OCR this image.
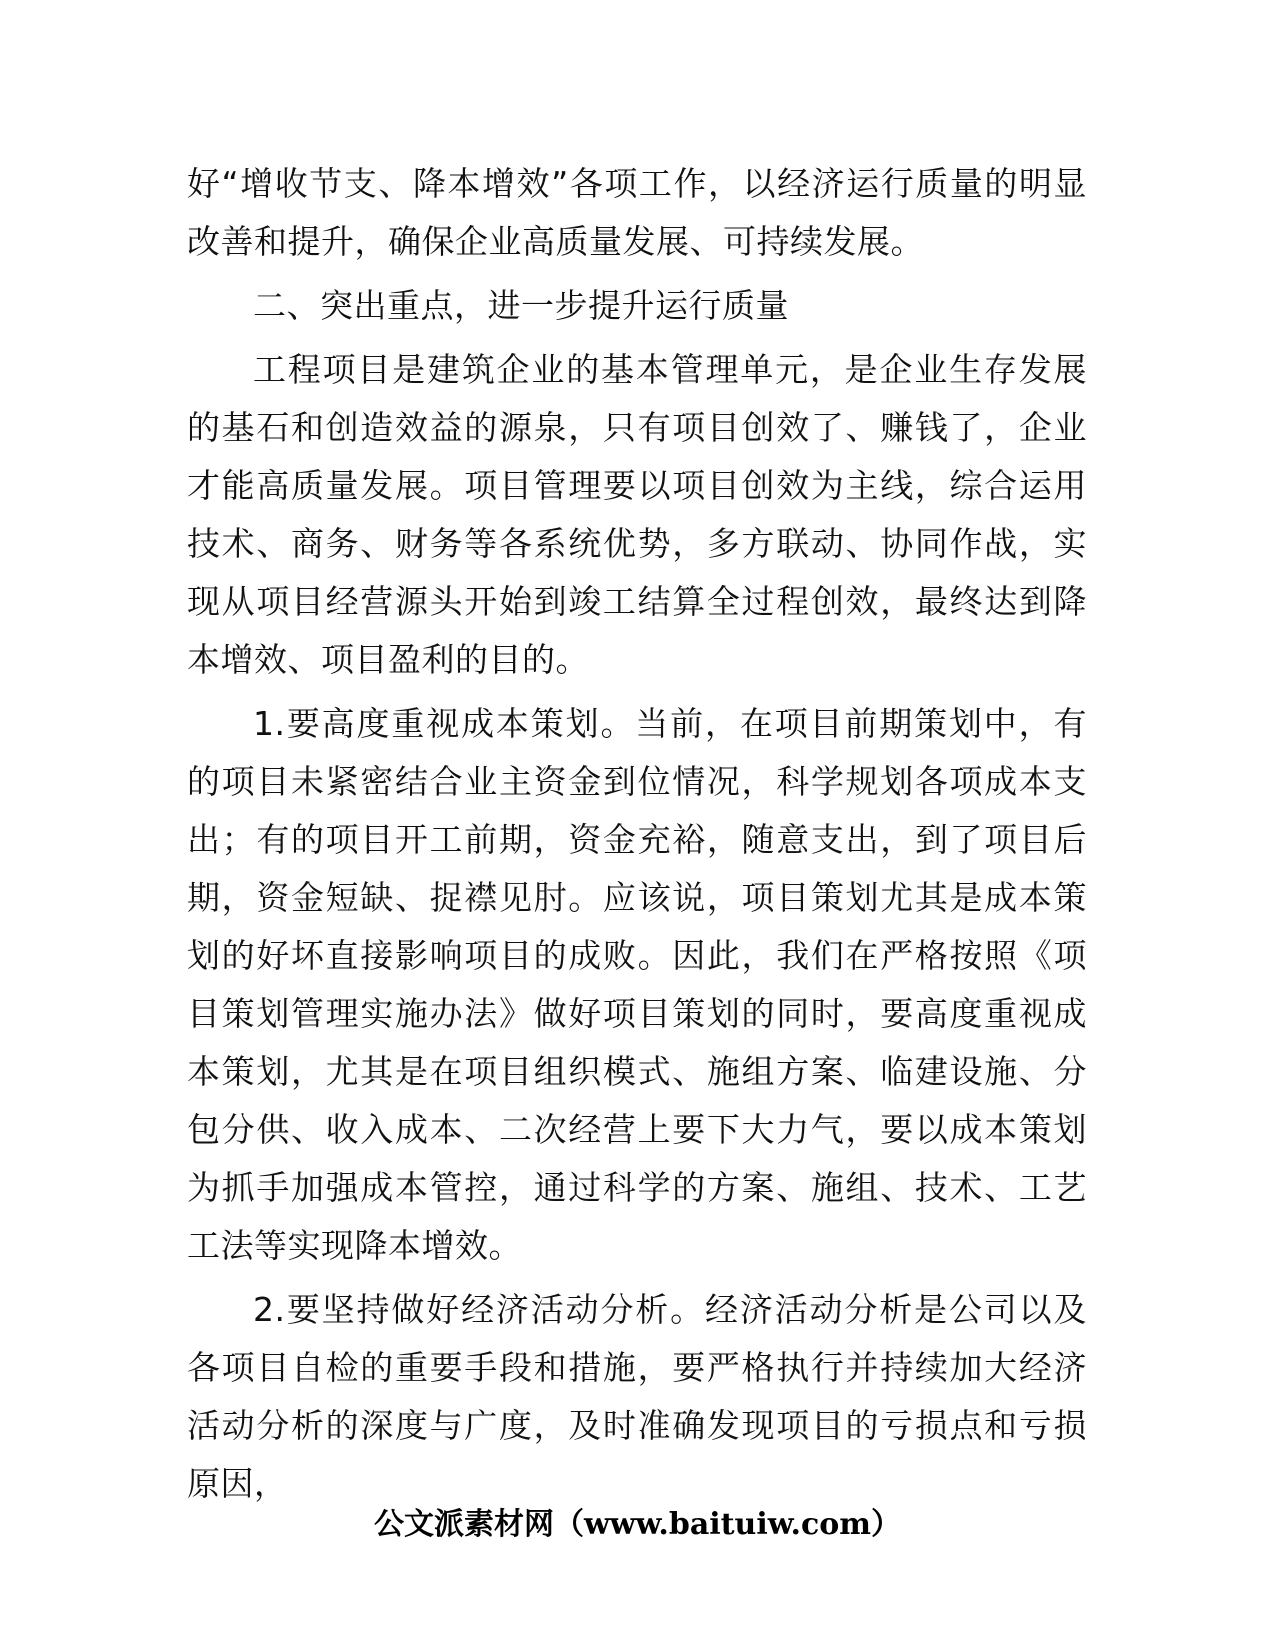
好“增收节支、降本增效”各项工作，以经济运行质量的明显改善和提升，确保企业高质量发展、可持续发展。

二、突出重点，进一步提升运行质量

工程项目是建筑企业的基本管理单元，是企业生存发展的基石和创造效益的源泉，只有项目创效了、赚钱了，企业才能高质量发展。项目管理要以项目创效为主线，综合运用技术、商务、财务等各系统优势，多方联动、协同作战，实现从项目经营源头开始到竣工结算全过程创效，最终达到降本增效、项目盈利的目的。

1.要高度重视成本策划。当前，在项目前期策划中，有的项目未紧密结合业主资金到位情况，科学规划各项成本支出；有的项目开工前期，资金充裕，随意支出，到了项目后期，资金短缺、捉襟见肘。应该说，项目策划尤其是成本策划的好坏直接影响项目的成败。因此，我们在严格按照《项目策划管理实施办法》做好项目策划的同时，要高度重视成本策划，尤其是在项目组织模式、施组方案、临建设施、分包分供、收入成本、二次经营上要下大力气，要以成本策划为抓手加强成本管控，通过科学的方案、施组、技术、工艺工法等实现降本增效。

2.要坚持做好经济活动分析。经济活动分析是公司以及各项目自检的重要手段和措施，要严格执行并持续加大经济活动分析的深度与广度，及时准确发现项目的亏损点和亏损原因，

公文派素材网（www.baituiw.com）
